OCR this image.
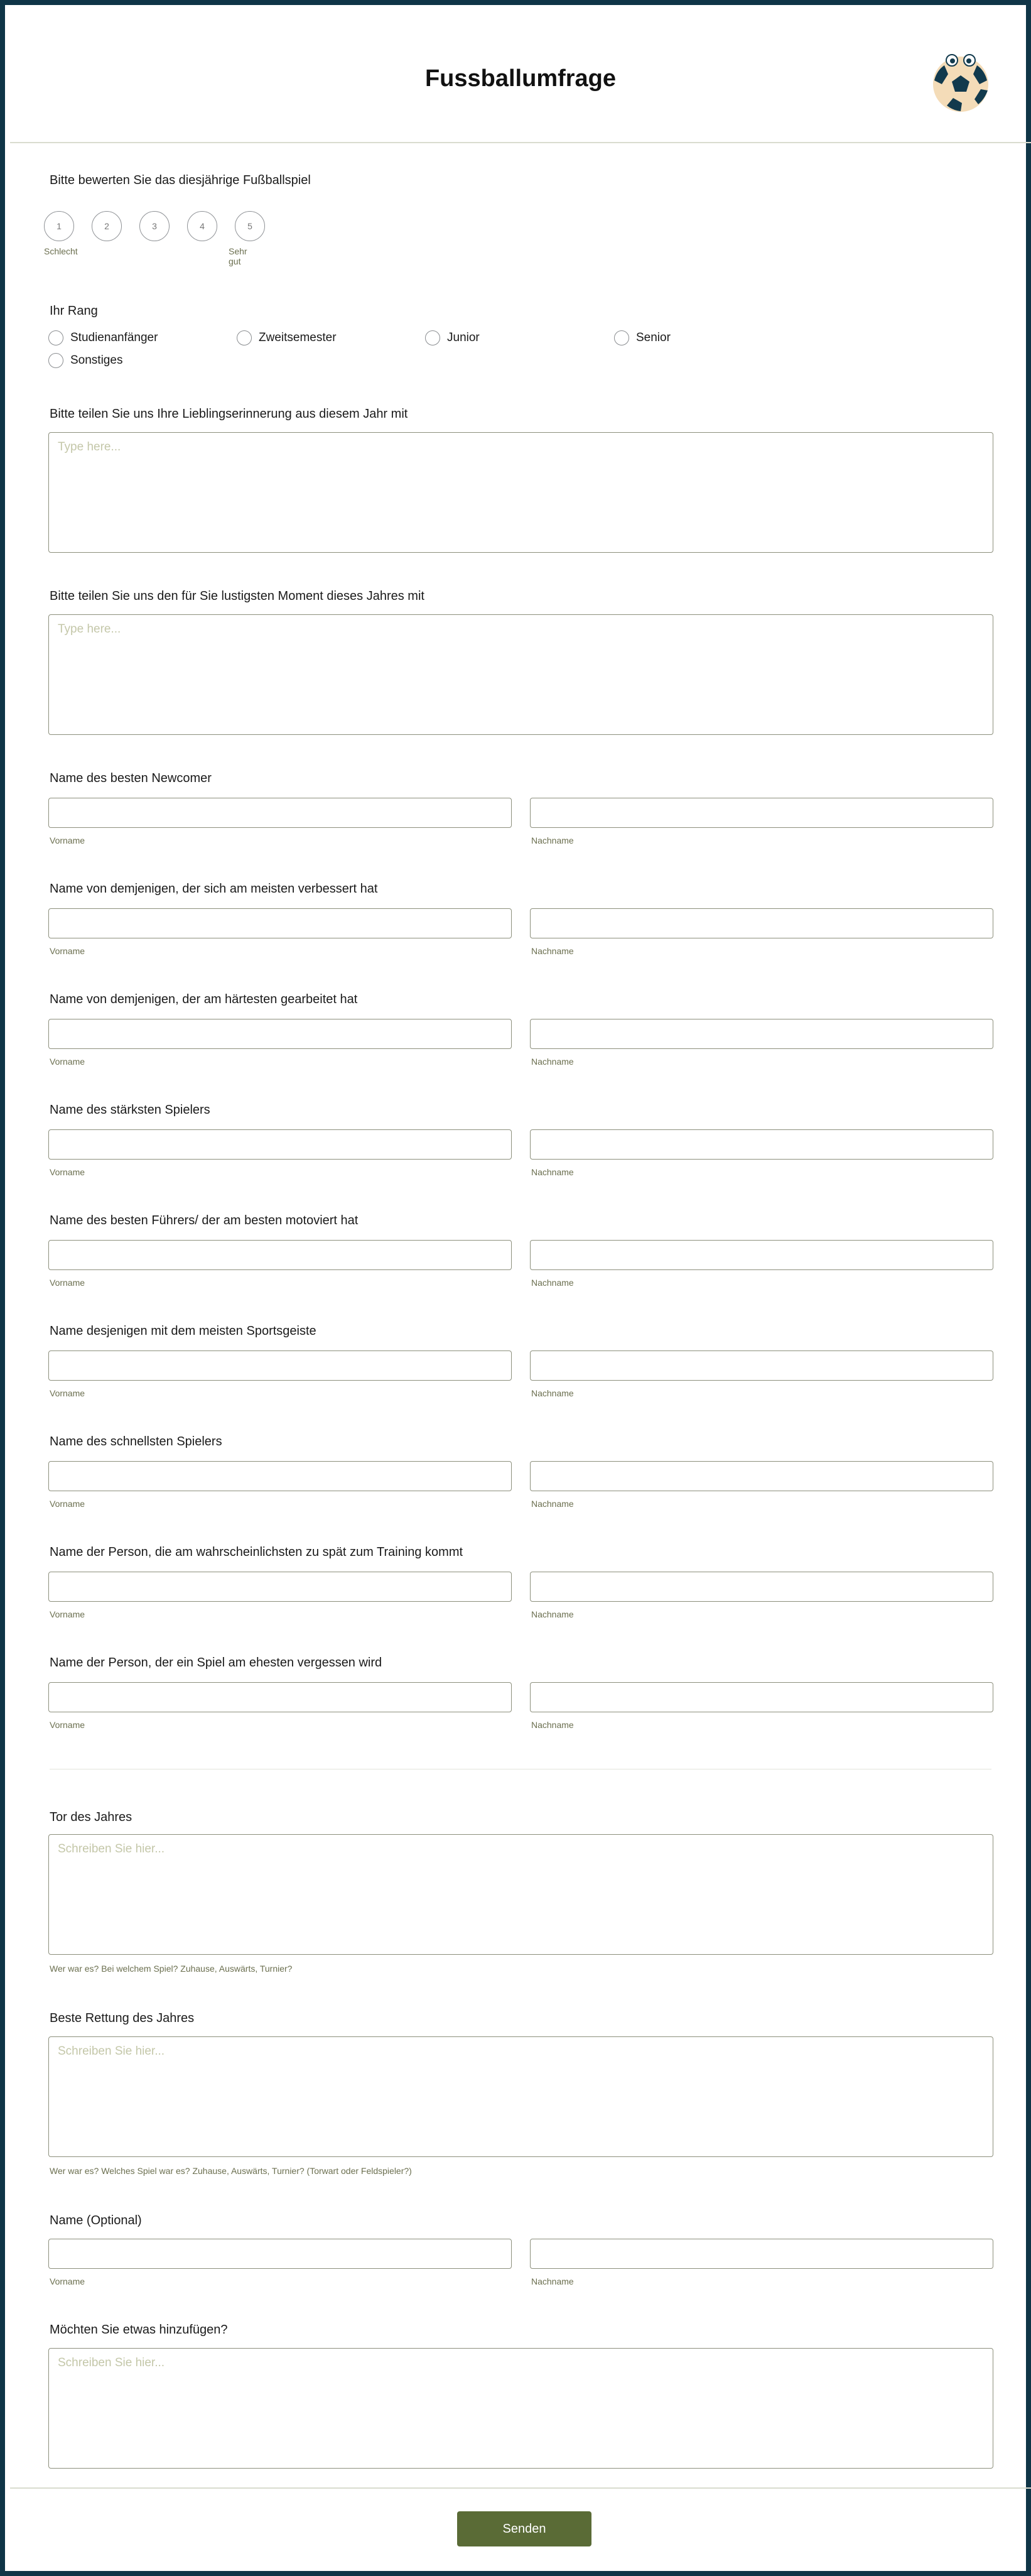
Fussballumfrage
Bitte bewerten Sie das diesjährige Fußballspiel
1	2	3	4	5
Schlecht	Sehr gut
Ihr Rang
Studienanfänger	Zweitsemester	Junior	Senior
Sonstiges
Bitte teilen Sie uns Ihre Lieblingserinnerung aus diesem Jahr mit
Type here...
Bitte teilen Sie uns den für Sie lustigsten Moment dieses Jahres mit
Type here...
Name des besten Newcomer
Vorname	Nachname
Name von demjenigen, der sich am meisten verbessert hat
Vorname	Nachname
Name von demjenigen, der am härtesten gearbeitet hat
Vorname	Nachname
Name des stärksten Spielers
Vorname	Nachname
Name des besten Führers/ der am besten motoviert hat
Vorname	Nachname
Name desjenigen mit dem meisten Sportsgeiste
Vorname	Nachname
Name des schnellsten Spielers
Vorname	Nachname
Name der Person, die am wahrscheinlichsten zu spät zum Training kommt
Vorname	Nachname
Name der Person, der ein Spiel am ehesten vergessen wird
Vorname	Nachname
Tor des Jahres
Schreiben Sie hier...
Wer war es? Bei welchem Spiel? Zuhause, Auswärts, Turnier?
Beste Rettung des Jahres
Schreiben Sie hier...
Wer war es? Welches Spiel war es? Zuhause, Auswärts, Turnier? (Torwart oder Feldspieler?)
Name (Optional)
Vorname	Nachname
Möchten Sie etwas hinzufügen?
Schreiben Sie hier...
Senden
